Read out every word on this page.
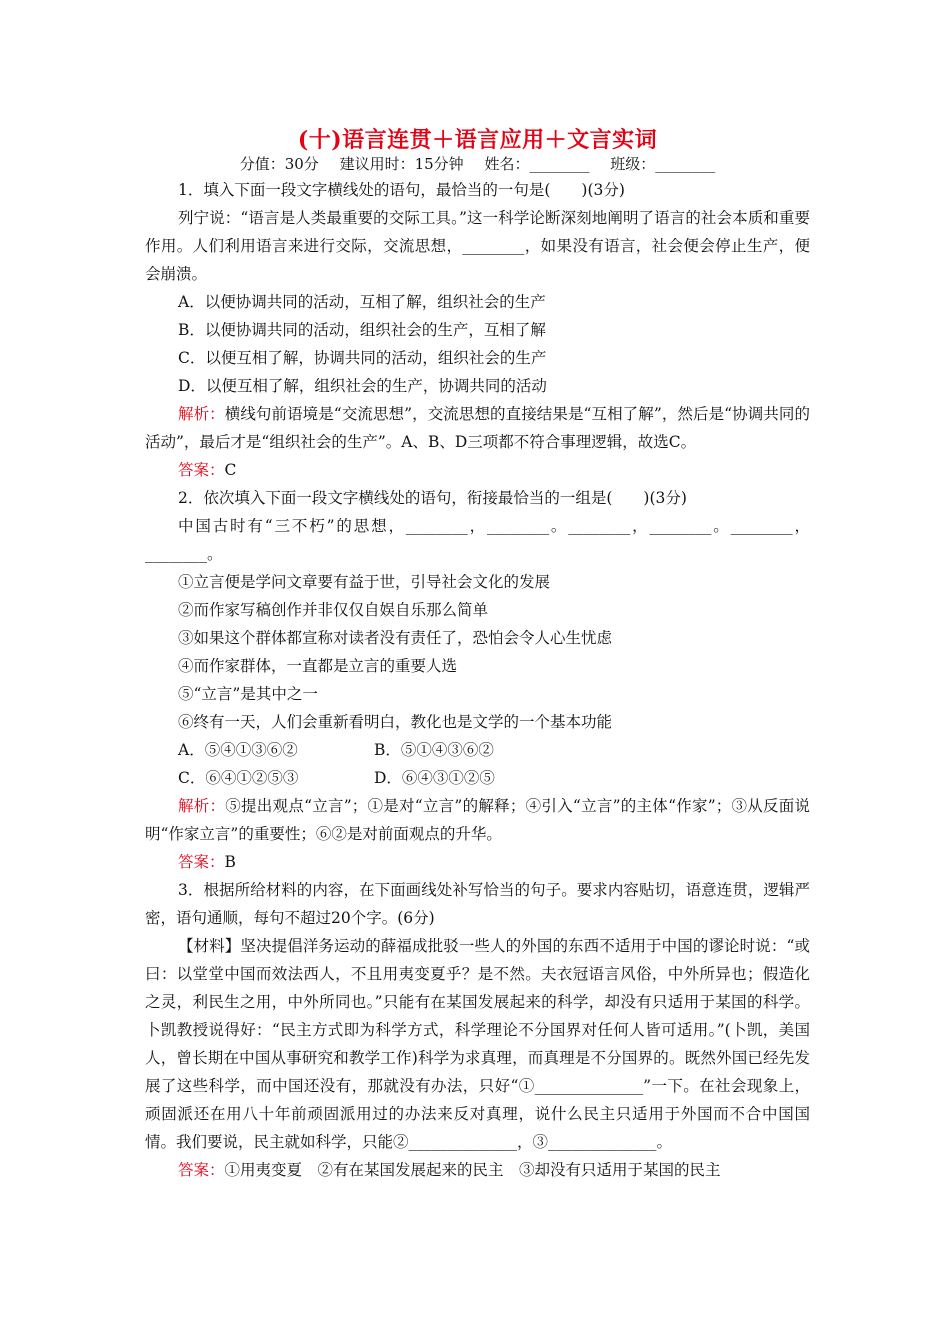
(十)语言连贯＋语言应用＋文言实词
分值：30分 建议用时：15分钟 姓名：________ 班级：________

1．填入下面一段文字横线处的语句，最恰当的一句是(　　)(3分)

列宁说：“语言是人类最重要的交际工具。”这一科学论断深刻地阐明了语言的社会本质和重要作用。人们利用语言来进行交际，交流思想，________，如果没有语言，社会便会停止生产，便会崩溃。

A．以便协调共同的活动，互相了解，组织社会的生产

B．以便协调共同的活动，组织社会的生产，互相了解

C．以便互相了解，协调共同的活动，组织社会的生产

D．以便互相了解，组织社会的生产，协调共同的活动

解析：横线句前语境是“交流思想”，交流思想的直接结果是“互相了解”，然后是“协调共同的活动”，最后才是“组织社会的生产”。A、B、D三项都不符合事理逻辑，故选C。

答案：C

2．依次填入下面一段文字横线处的语句，衔接最恰当的一组是(　　)(3分)

中国古时有“三不朽”的思想，________，________。________，________。________，________。

①立言便是学问文章要有益于世，引导社会文化的发展

②而作家写稿创作并非仅仅自娱自乐那么简单

③如果这个群体都宣称对读者没有责任了，恐怕会令人心生忧虑

④而作家群体，一直都是立言的重要人选

⑤“立言”是其中之一

⑥终有一天，人们会重新看明白，教化也是文学的一个基本功能

A．⑤④①③⑥②	B．⑤①④③⑥②

C．⑥④①②⑤③	D．⑥④③①②⑤

解析：⑤提出观点“立言”；①是对“立言”的解释；④引入“立言”的主体“作家”；③从反面说明“作家立言”的重要性；⑥②是对前面观点的升华。

答案：B

3．根据所给材料的内容，在下面画线处补写恰当的句子。要求内容贴切，语意连贯，逻辑严密，语句通顺，每句不超过20个字。(6分)

【材料】坚决提倡洋务运动的薛福成批驳一些人的外国的东西不适用于中国的谬论时说：“或曰：以堂堂中国而效法西人，不且用夷变夏乎？是不然。夫衣冠语言风俗，中外所异也；假造化之灵，利民生之用，中外所同也。”只能有在某国发展起来的科学，却没有只适用于某国的科学。卜凯教授说得好：“民主方式即为科学方式，科学理论不分国界对任何人皆可适用。”(卜凯，美国人，曾长期在中国从事研究和教学工作)科学为求真理，而真理是不分国界的。既然外国已经先发展了这些科学，而中国还没有，那就没有办法，只好“①______________”一下。在社会现象上，顽固派还在用八十年前顽固派用过的办法来反对真理，说什么民主只适用于外国而不合中国国情。我们要说，民主就如科学，只能②______________，③______________。

答案：①用夷变夏　②有在某国发展起来的民主　③却没有只适用于某国的民主
